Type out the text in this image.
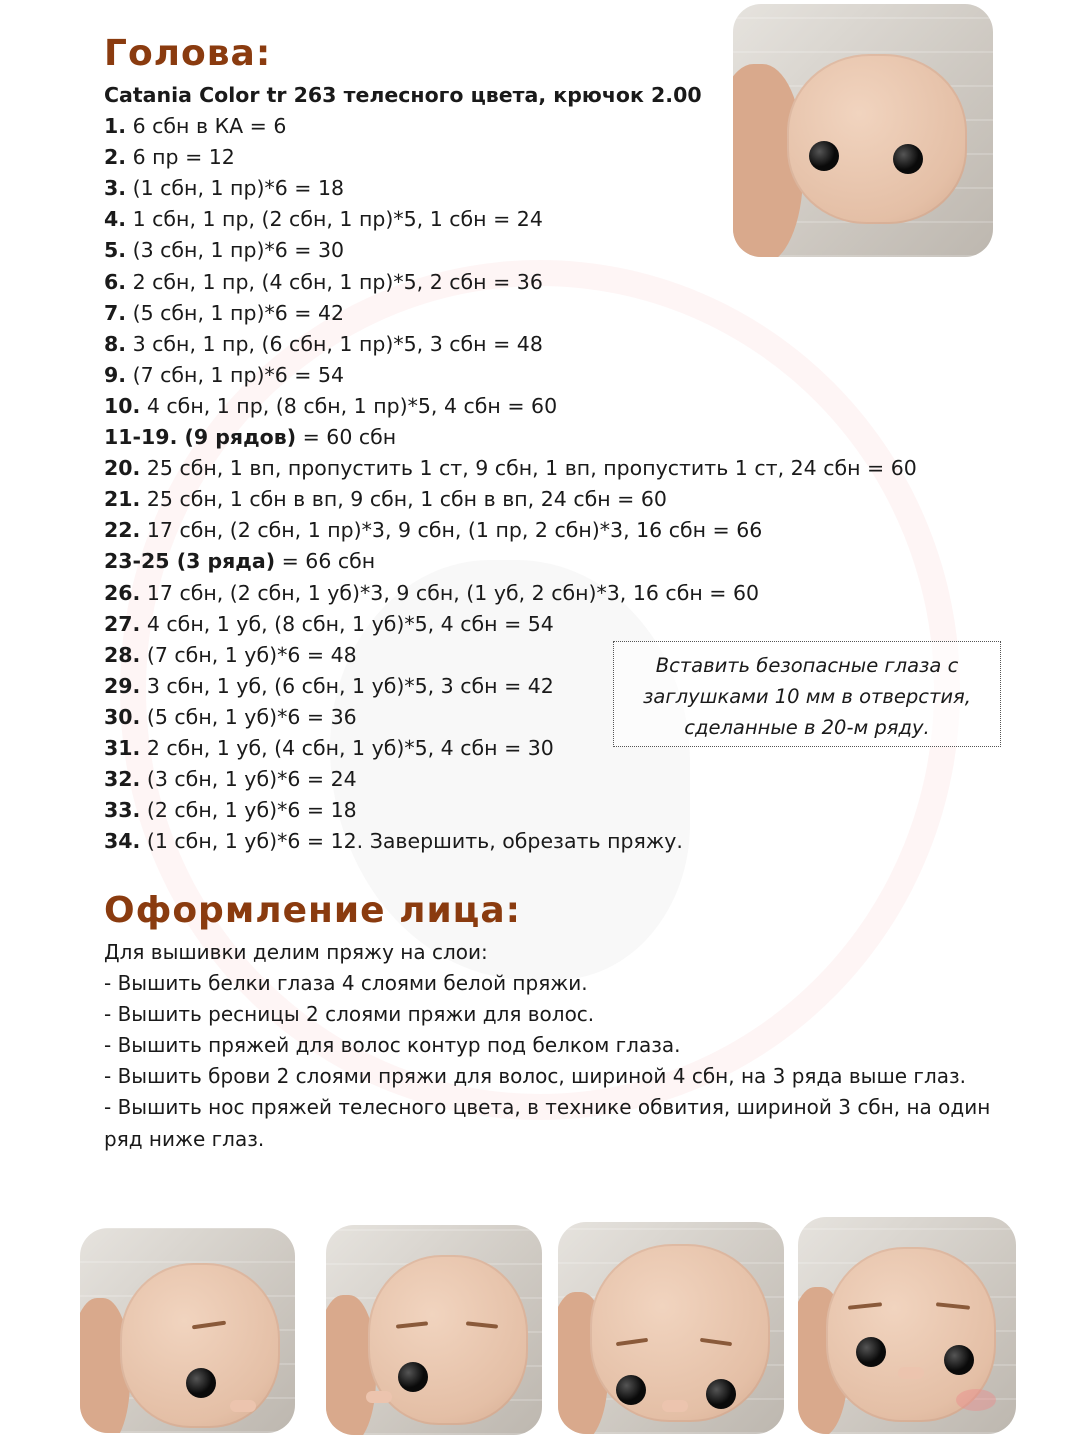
Голова:
Catania Color tr 263 телесного цвета, крючок 2.00
1. 6 сбн в КА = 6
2. 6 пр = 12
3. (1 сбн, 1 пр)*6 = 18
4. 1 сбн, 1 пр, (2 сбн, 1 пр)*5, 1 сбн = 24
5. (3 сбн, 1 пр)*6 = 30
6. 2 сбн, 1 пр, (4 сбн, 1 пр)*5, 2 сбн = 36
7. (5 сбн, 1 пр)*6 = 42
8. 3 сбн, 1 пр, (6 сбн, 1 пр)*5, 3 сбн = 48
9. (7 сбн, 1 пр)*6 = 54
10. 4 сбн, 1 пр, (8 сбн, 1 пр)*5, 4 сбн = 60
11-19. (9 рядов) = 60 сбн
20. 25 сбн, 1 вп, пропустить 1 ст, 9 сбн, 1 вп, пропустить 1 ст, 24 сбн = 60
21. 25 сбн, 1 сбн в вп, 9 сбн, 1 сбн в вп, 24 сбн = 60
22. 17 сбн, (2 сбн, 1 пр)*3, 9 сбн, (1 пр, 2 сбн)*3, 16 сбн = 66
23-25 (3 ряда) = 66 сбн
26. 17 сбн, (2 сбн, 1 уб)*3, 9 сбн, (1 уб, 2 сбн)*3, 16 сбн = 60
27. 4 сбн, 1 уб, (8 сбн, 1 уб)*5, 4 сбн = 54
28. (7 сбн, 1 уб)*6 = 48
29. 3 сбн, 1 уб, (6 сбн, 1 уб)*5, 3 сбн = 42
30. (5 сбн, 1 уб)*6 = 36
31. 2 сбн, 1 уб, (4 сбн, 1 уб)*5, 4 сбн = 30
32. (3 сбн, 1 уб)*6 = 24
33. (2 сбн, 1 уб)*6 = 18
34. (1 сбн, 1 уб)*6 = 12. Завершить, обрезать пряжу.
Вставить безопасные глаза с
заглушками 10 мм в отверстия,
сделанные в 20-м ряду.
Оформление лица:
Для вышивки делим пряжу на слои:
- Вышить белки глаза 4 слоями белой пряжи.
- Вышить ресницы 2 слоями пряжи для волос.
- Вышить пряжей для волос контур под белком глаза.
- Вышить брови 2 слоями пряжи для волос, шириной 4 сбн, на 3 ряда выше глаз.
- Вышить нос пряжей телесного цвета, в технике обвития, шириной 3 сбн, на один
ряд ниже глаз.
